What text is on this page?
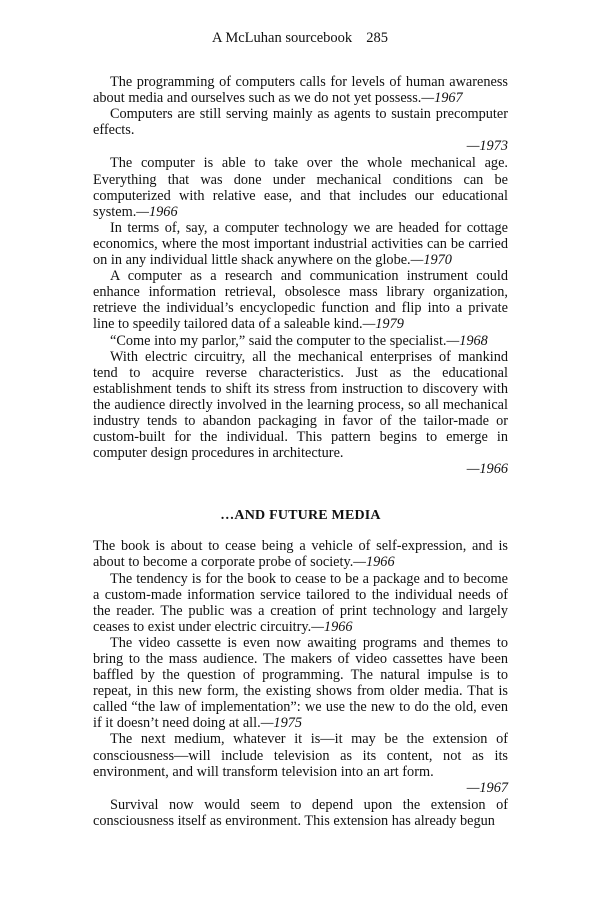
A McLuhan sourcebook 285

The programming of computers calls for levels of human awareness about media and ourselves such as we do not yet possess.—1967

Computers are still serving mainly as agents to sustain precomputer effects.

—1973

The computer is able to take over the whole mechanical age. Everything that was done under mechanical conditions can be computerized with relative ease, and that includes our educational system.—1966

In terms of, say, a computer technology we are headed for cottage economics, where the most important industrial activities can be carried on in any individual little shack anywhere on the globe.—1970

A computer as a research and communication instrument could enhance information retrieval, obsolesce mass library organization, retrieve the individual’s encyclopedic function and flip into a private line to speedily tailored data of a saleable kind.—1979

“Come into my parlor,” said the computer to the specialist.—1968

With electric circuitry, all the mechanical enterprises of mankind tend to acquire reverse characteristics. Just as the educational establishment tends to shift its stress from instruction to discovery with the audience directly involved in the learning process, so all mechanical industry tends to abandon packaging in favor of the tailor-made or custom-built for the individual. This pattern begins to emerge in computer design procedures in architecture.

—1966
…AND FUTURE MEDIA

The book is about to cease being a vehicle of self-expression, and is about to become a corporate probe of society.—1966

The tendency is for the book to cease to be a package and to become a custom-made information service tailored to the individual needs of the reader. The public was a creation of print technology and largely ceases to exist under electric circuitry.—1966

The video cassette is even now awaiting programs and themes to bring to the mass audience. The makers of video cassettes have been baffled by the question of programming. The natural impulse is to repeat, in this new form, the existing shows from older media. That is called “the law of implementation”: we use the new to do the old, even if it doesn’t need doing at all.—1975

The next medium, whatever it is—it may be the extension of consciousness—will include television as its content, not as its environment, and will transform television into an art form.

—1967

Survival now would seem to depend upon the extension of consciousness itself as environment. This extension has already begun
